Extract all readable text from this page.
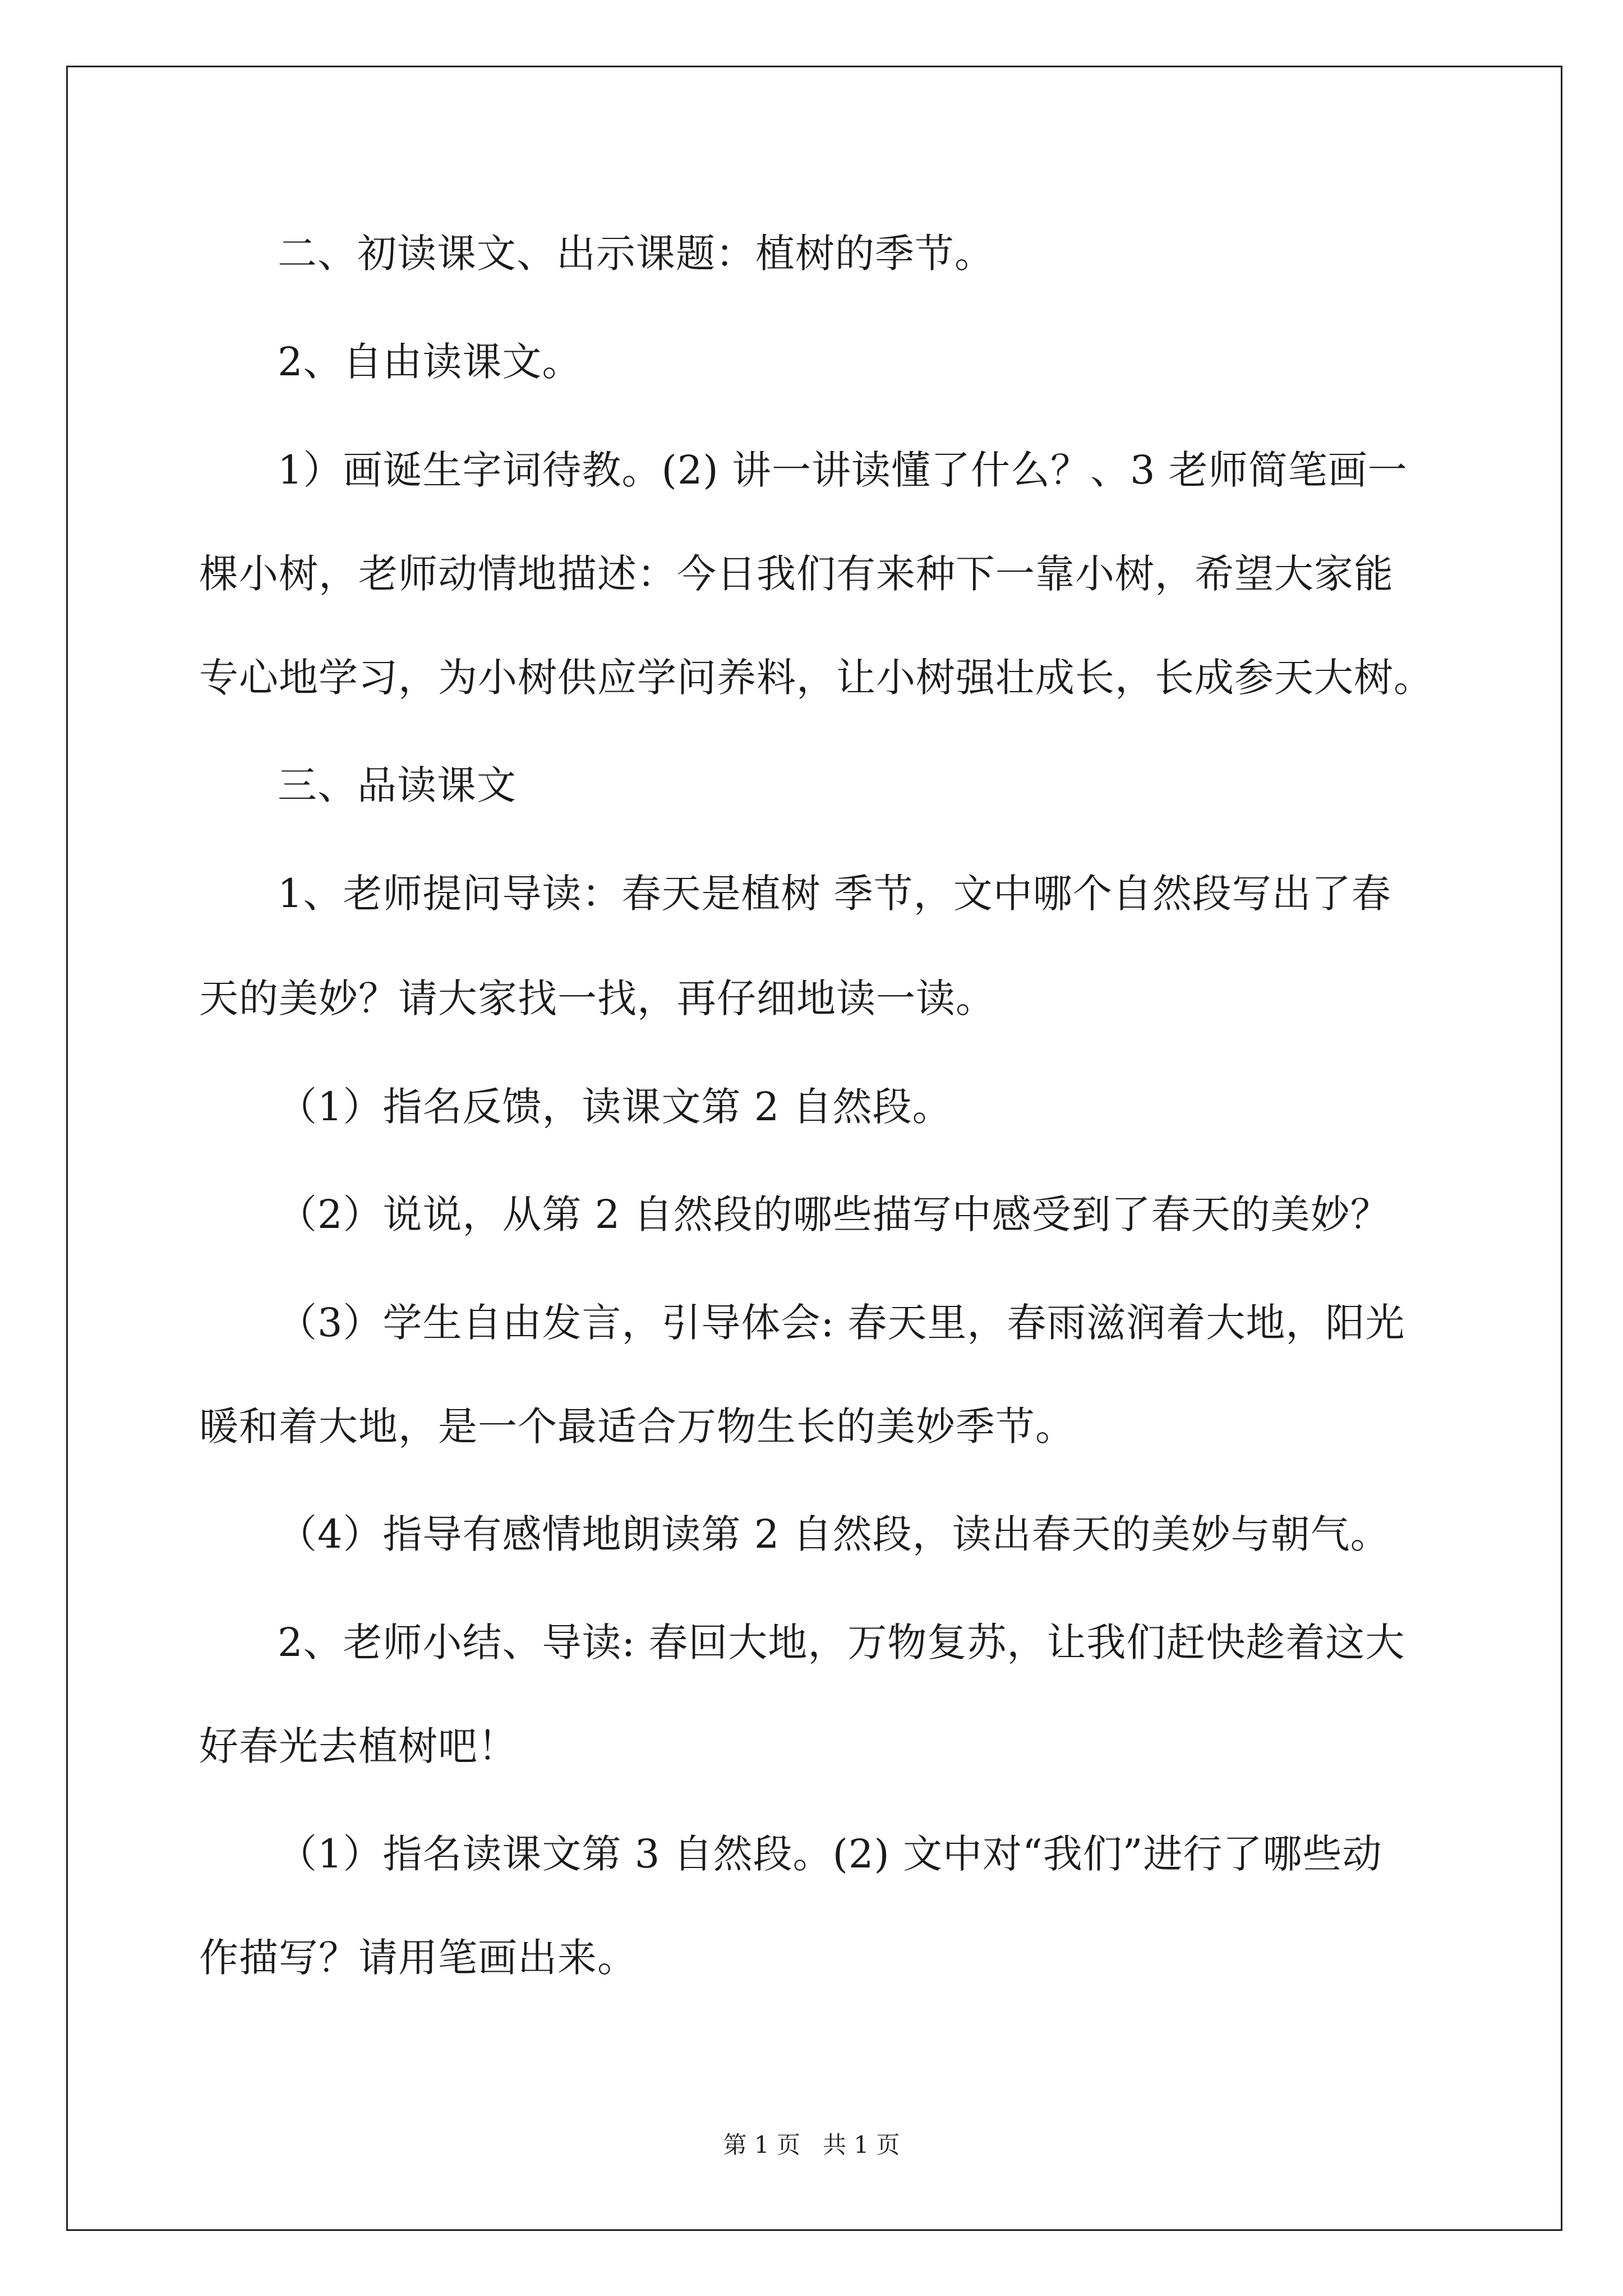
二、初读课文、出示课题：植树的季节。
2、自由读课文。
1）画诞生字词待教。(2) 讲一讲读懂了什么？、3 老师简笔画一
棵小树，老师动情地描述：今日我们有来种下一靠小树，希望大家能
专心地学习，为小树供应学问养料，让小树强壮成长，长成参天大树。
三、品读课文
1、老师提问导读：春天是植树 季节，文中哪个自然段写出了春
天的美妙？请大家找一找，再仔细地读一读。
（1）指名反馈，读课文第 2 自然段。
（2）说说，从第 2 自然段的哪些描写中感受到了春天的美妙？
（3）学生自由发言，引导体会: 春天里，春雨滋润着大地，阳光
暖和着大地，是一个最适合万物生长的美妙季节。
（4）指导有感情地朗读第 2 自然段，读出春天的美妙与朝气。
2、老师小结、导读: 春回大地，万物复苏，让我们赶快趁着这大
好春光去植树吧！
（1）指名读课文第 3 自然段。(2) 文中对“我们”进行了哪些动
作描写？请用笔画出来。
第 1 页 共 1 页
